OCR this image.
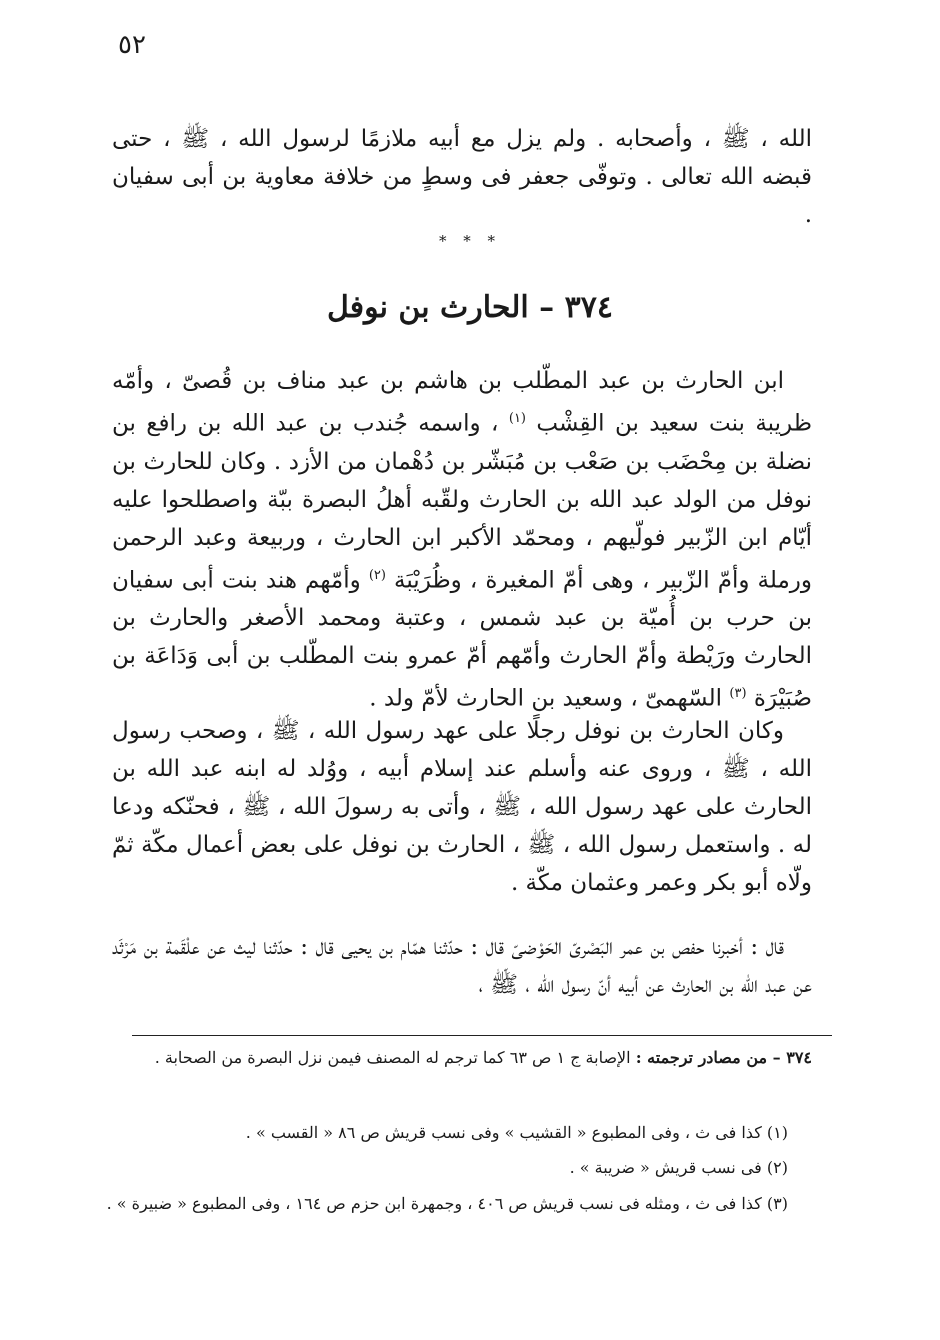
٥٢

الله ، ﷺ ، وأصحابه . ولم يزل مع أبيه ملازمًا لرسول الله ، ﷺ ، حتى قبضه الله تعالى . وتوفّى جعفر فى وسطٍ من خلافة معاوية بن أبى سفيان .

* * *
٣٧٤ – الحارث بن نوفل

ابن الحارث بن عبد المطّلب بن هاشم بن عبد مناف بن قُصىّ ، وأمّه ظريبة بنت سعيد بن القِشْب $^{(١)}$ ، واسمه جُندب بن عبد الله بن رافع بن نضلة بن مِحْضَب بن صَعْب بن مُبَشّر بن دُهْمان من الأزد . وكان للحارث بن نوفل من الولد عبد الله بن الحارث ولقّبه أهلُ البصرة ببّة واصطلحوا عليه أيّام ابن الزّبير فولّيهم ، ومحمّد الأكبر ابن الحارث ، وربيعة وعبد الرحمن ورملة وأمّ الزّبير ، وهى أمّ المغيرة ، وظُرَيْبَة $^{(٢)}$ وأمّهم هند بنت أبى سفيان بن حرب بن أُميّة بن عبد شمس ، وعتبة ومحمد الأصغر والحارث بن الحارث ورَيْطة وأمّ الحارث وأمّهم أمّ عمرو بنت المطّلب بن أبى وَدَاعَة بن صُبَيْرَة $^{(٣)}$ السّهمىّ ، وسعيد بن الحارث لأمّ ولد .

وكان الحارث بن نوفل رجلًا على عهد رسول الله ، ﷺ ، وصحب رسول الله ، ﷺ ، وروى عنه وأسلم عند إسلام أبيه ، ووُلد له ابنه عبد الله بن الحارث على عهد رسول الله ، ﷺ ، وأتى به رسولَ الله ، ﷺ ، فحنّكه ودعا له . واستعمل رسول الله ، ﷺ ، الحارث بن نوفل على بعض أعمال مكّة ثمّ ولّاه أبو بكر وعمر وعثمان مكّة .

قال : أخبرنا حفص بن عمر البَصْرىّ الحَوْضىّ قال : حدّثنا همّام بن يحيى قال : حدّثنا ليث عن علْقَمة بن مَرْثَد عن عبد الله بن الحارث عن أبيه أنّ رسول الله ، ﷺ ،

٣٧٤ – من مصادر ترجمته : الإصابة ج ١ ص ٦٣ كما ترجم له المصنف فيمن نزل البصرة من الصحابة .

(١) كذا فى ث ، وفى المطبوع « القشيب » وفى نسب قريش ص ٨٦ « القسب » .

(٢) فى نسب قريش « ضريبة » .

(٣) كذا فى ث ، ومثله فى نسب قريش ص ٤٠٦ ، وجمهرة ابن حزم ص ١٦٤ ، وفى المطبوع « ضبيرة » .
